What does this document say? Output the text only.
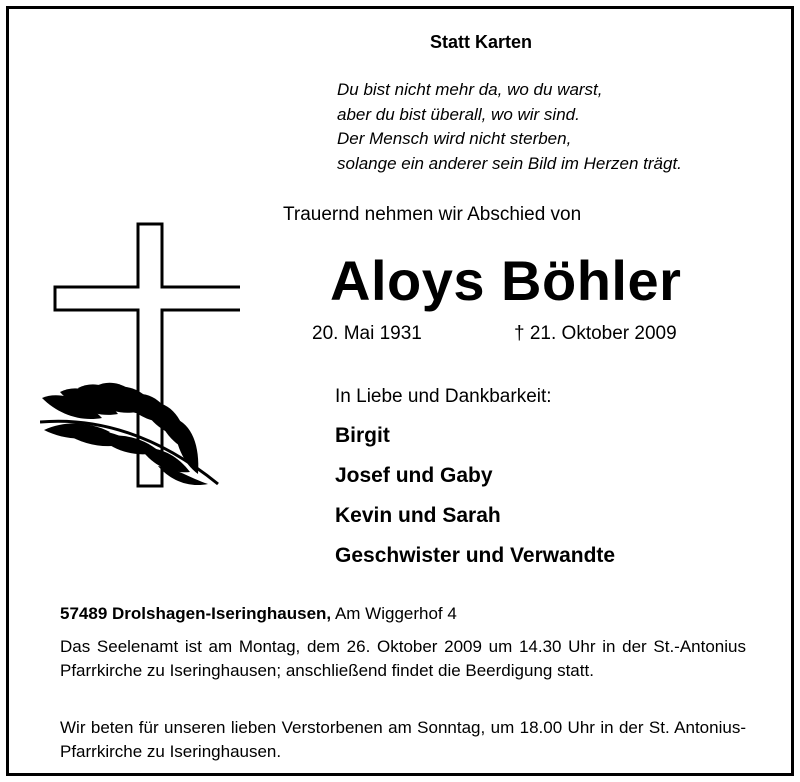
Statt Karten
Du bist nicht mehr da, wo du warst,
aber du bist überall, wo wir sind.
Der Mensch wird nicht sterben,
solange ein anderer sein Bild im Herzen trägt.
Trauernd nehmen wir Abschied von
Aloys Böhler
20. Mai 1931	† 21. Oktober 2009
In Liebe und Dankbarkeit:
Birgit
Josef und Gaby
Kevin und Sarah
Geschwister und Verwandte
57489 Drolshagen-Iseringhausen, Am Wiggerhof 4
Das Seelenamt ist am Montag, dem 26. Oktober 2009 um 14.30 Uhr in der St.-Antonius Pfarrkirche zu Iseringhausen; anschließend findet die Beerdigung statt.
Wir beten für unseren lieben Verstorbenen am Sonntag, um 18.00 Uhr in der St. Antonius-Pfarrkirche zu Iseringhausen.
